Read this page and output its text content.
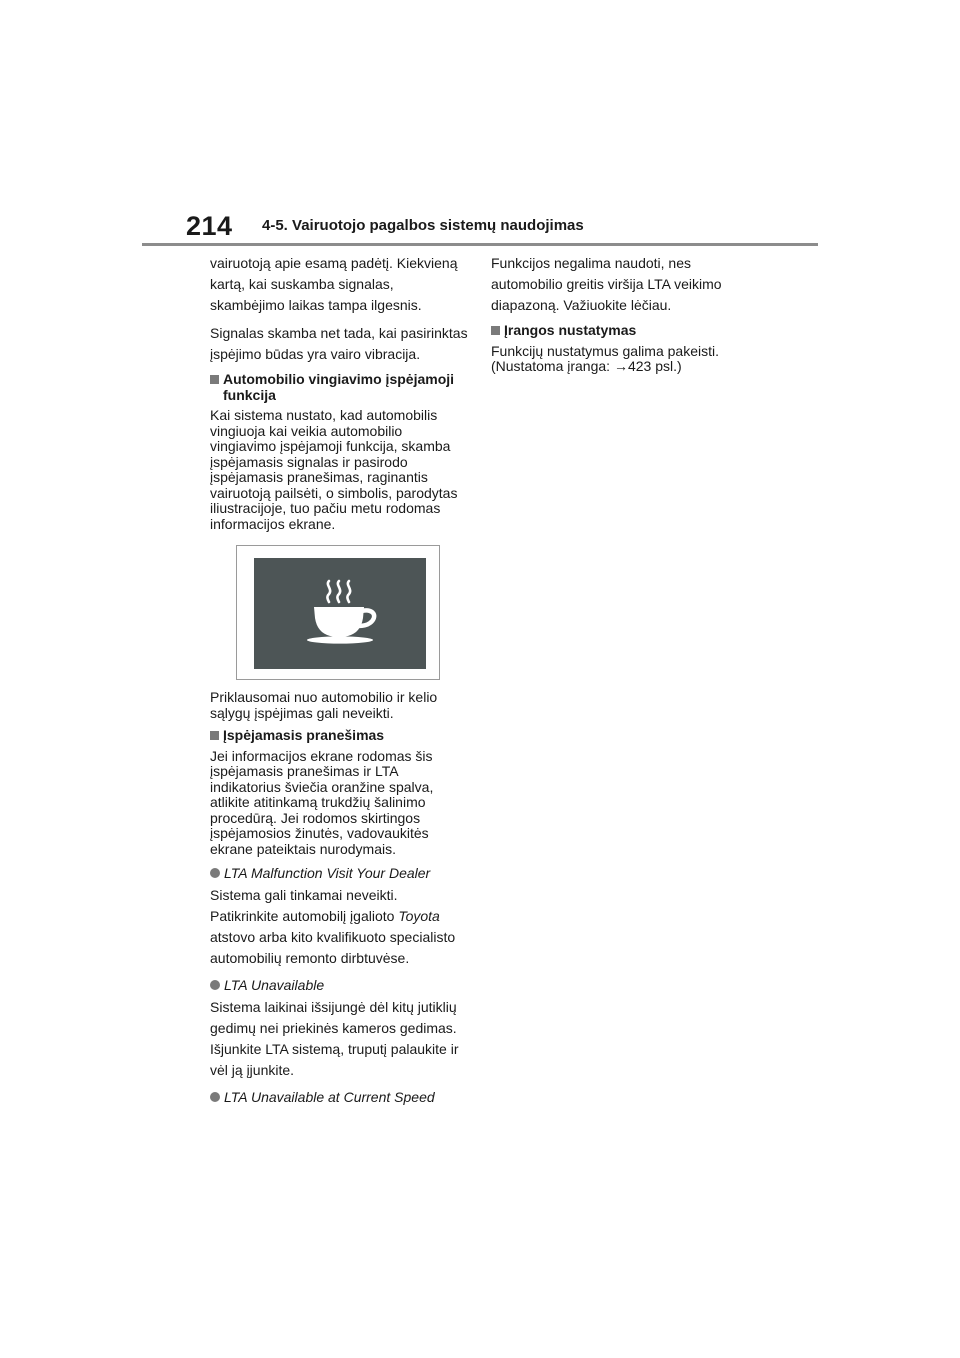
214 4-5. Vairuotojo pagalbos sistemų naudojimas

vairuotoją apie esamą padėtį. Kiekvieną kartą, kai suskamba signalas, skambėjimo laikas tampa ilgesnis.

Signalas skamba net tada, kai pasirinktas įspėjimo būdas yra vairo vibracija.

Automobilio vingiavimo įspėjamoji funkcija

Kai sistema nustato, kad automobilis vingiuoja kai veikia automobilio vingiavimo įspėjamoji funkcija, skamba įspėjamasis signalas ir pasirodo įspėjamasis pranešimas, raginantis vairuotoją pailsėti, o simbolis, parodytas iliustracijoje, tuo pačiu metu rodomas informacijos ekrane.

Priklausomai nuo automobilio ir kelio sąlygų įspėjimas gali neveikti.

Įspėjamasis pranešimas

Jei informacijos ekrane rodomas šis įspėjamasis pranešimas ir LTA indikatorius šviečia oranžine spalva, atlikite atitinkamą trukdžių šalinimo procedūrą. Jei rodomos skirtingos įspėjamosios žinutės, vadovaukitės ekrane pateiktais nurodymais.

LTA Malfunction Visit Your Dealer

Sistema gali tinkamai neveikti. Patikrinkite automobilį įgalioto Toyota atstovo arba kito kvalifikuoto specialisto automobilių remonto dirbtuvėse.

LTA Unavailable

Sistema laikinai išsijungė dėl kitų jutiklių gedimų nei priekinės kameros gedimas. Išjunkite LTA sistemą, truputį palaukite ir vėl ją įjunkite.

LTA Unavailable at Current Speed

Funkcijos negalima naudoti, nes automobilio greitis viršija LTA veikimo diapazoną. Važiuokite lėčiau.

Įrangos nustatymas

Funkcijų nustatymus galima pakeisti. (Nustatoma įranga: →423 psl.)
